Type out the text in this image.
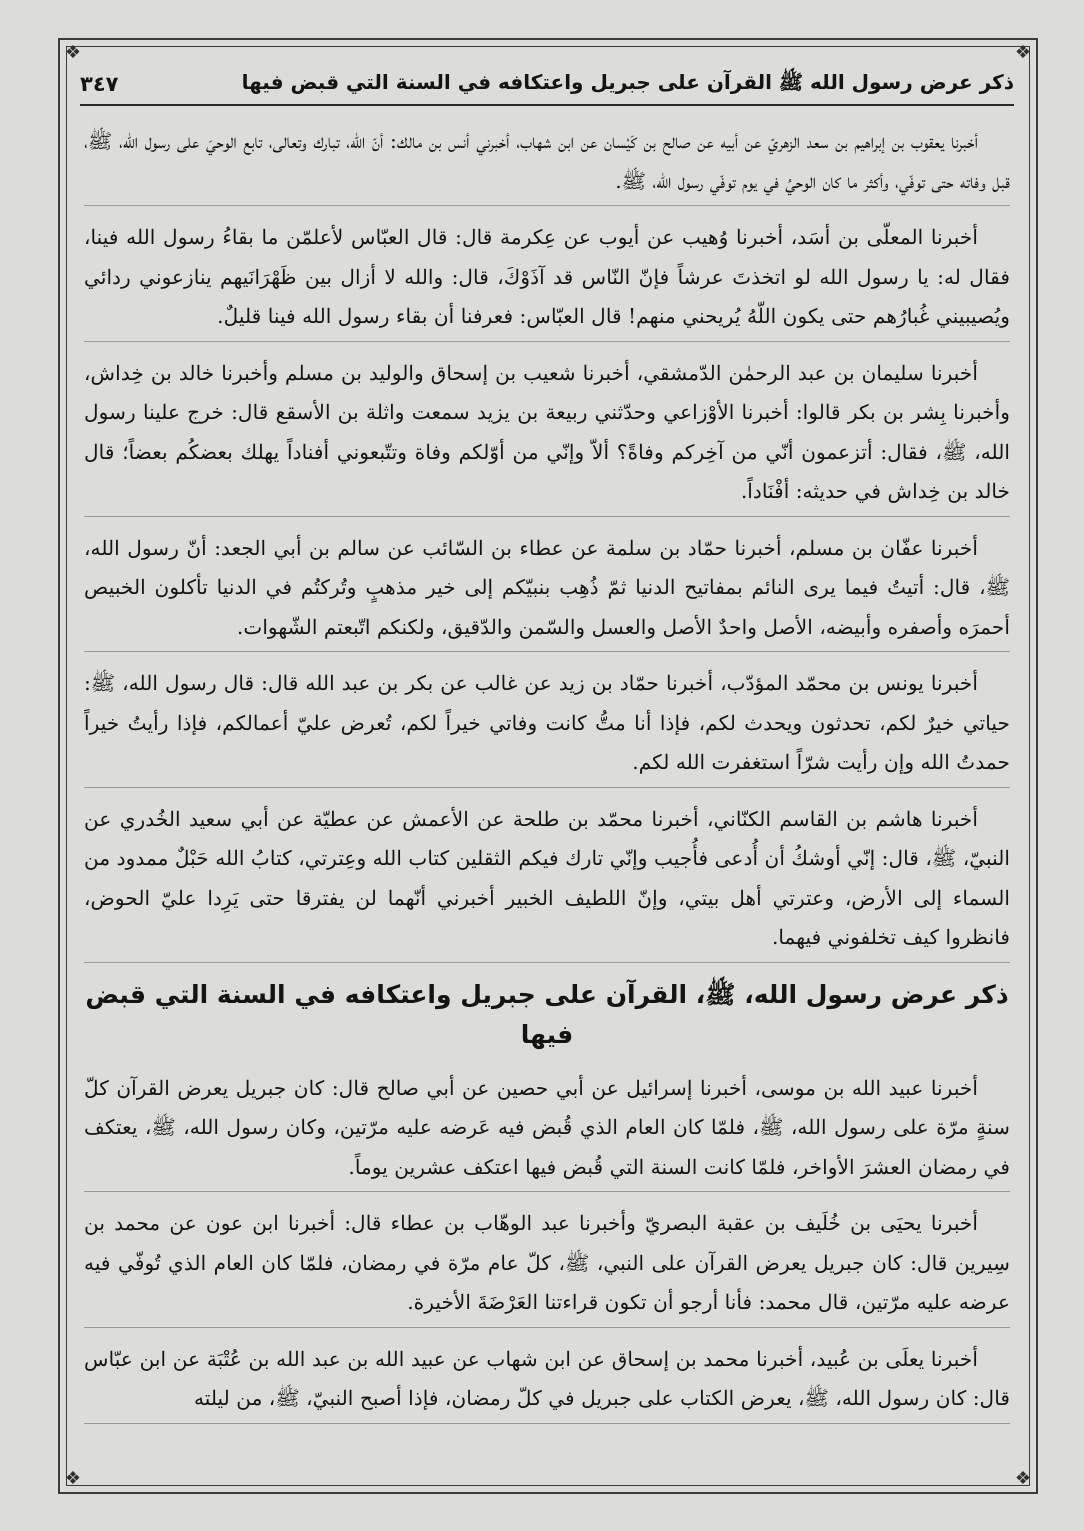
❖	❖
❖	❖
ذكر عرض رسول الله ﷺ القرآن على جبريل واعتكافه في السنة التي قبض فيها
٣٤٧

أخبرنا يعقوب بن إبراهيم بن سعد الزهريّ عن أبيه عن صالح بن كَيْسان عن ابن شهاب، أخبرني أنس بن مالك: أنّ الله، تبارك وتعالى، تابع الوحيَ على رسول الله، ﷺ، قبل وفاته حتى توفّي، وأكثر ما كان الوحيُ في يوم توفّي رسول الله، ﷺ.

أخبرنا المعلّى بن أسَد، أخبرنا وُهيب عن أيوب عن عِكرمة قال: قال العبّاس لأعلمّن ما بقاءُ رسول الله فينا، فقال له: يا رسول الله لو اتخذتَ عرشاً فإنّ النّاس قد آذَوْكَ، قال: والله لا أزال بين ظَهْرَانَيهم ينازعوني ردائي ويُصيبيني غُبارُهم حتى يكون اللّهُ يُريحني منهم! قال العبّاس: فعرفنا أن بقاء رسول الله فينا قليلٌ.

أخبرنا سليمان بن عبد الرحمٰن الدّمشقي، أخبرنا شعيب بن إسحاق والوليد بن مسلم وأخبرنا خالد بن خِداش، وأخبرنا بِشر بن بكر قالوا: أخبرنا الأوْزاعي وحدّثني ربيعة بن يزيد سمعت واثلة بن الأسقع قال: خرج علينا رسول الله، ﷺ، فقال: أتزعمون أنّي من آخِركم وفاةً؟ ألاّ وإنّي من أوّلكم وفاة وتتّبعوني أفناداً يهلك بعضكُم بعضاً؛ قال خالد بن خِداش في حديثه: أفْنَاداً.

أخبرنا عفّان بن مسلم، أخبرنا حمّاد بن سلمة عن عطاء بن السّائب عن سالم بن أبي الجعد: أنّ رسول الله، ﷺ، قال: أتيتُ فيما يرى النائم بمفاتيح الدنيا ثمّ ذُهِب بنبيّكم إلى خير مذهبٍ وتُركتُم في الدنيا تأكلون الخبيص أحمرَه وأصفره وأبيضه، الأصل واحدٌ الأصل والعسل والسّمن والدّقيق، ولكنكم اتّبعتم الشّهوات.

أخبرنا يونس بن محمّد المؤدّب، أخبرنا حمّاد بن زيد عن غالب عن بكر بن عبد الله قال: قال رسول الله، ﷺ: حياتي خيرٌ لكم، تحدثون ويحدث لكم، فإذا أنا متُّ كانت وفاتي خيراً لكم، تُعرض عليّ أعمالكم، فإذا رأيتُ خيراً حمدتُ الله وإن رأيت شرّاً استغفرت الله لكم.

أخبرنا هاشم بن القاسم الكنّاني، أخبرنا محمّد بن طلحة عن الأعمش عن عطيّة عن أبي سعيد الخُدري عن النبيّ، ﷺ، قال: إنّي أوشكُ أن أُدعى فأُجيب وإنّي تارك فيكم الثقلين كتاب الله وعِترتي، كتابُ الله حَبْلٌ ممدود من السماء إلى الأرض، وعترتي أهل بيتي، وإنّ اللطيف الخبير أخبرني أنّهما لن يفترقا حتى يَرِدا عليّ الحوض، فانظروا كيف تخلفوني فيهما.

ذكر عرض رسول الله، ﷺ، القرآن على جبريل واعتكافه في السنة التي قبض فيها

أخبرنا عبيد الله بن موسى، أخبرنا إسرائيل عن أبي حصين عن أبي صالح قال: كان جبريل يعرض القرآن كلّ سنةٍ مرّة على رسول الله، ﷺ، فلمّا كان العام الذي قُبض فيه عَرضه عليه مرّتين، وكان رسول الله، ﷺ، يعتكف في رمضان العشرَ الأواخر، فلمّا كانت السنة التي قُبض فيها اعتكف عشرين يوماً.

أخبرنا يحيَى بن خُلَيف بن عقبة البصريّ وأخبرنا عبد الوهّاب بن عطاء قال: أخبرنا ابن عون عن محمد بن سِيرين قال: كان جبريل يعرض القرآن على النبي، ﷺ، كلّ عام مرّة في رمضان، فلمّا كان العام الذي تُوفّي فيه عرضه عليه مرّتين، قال محمد: فأنا أرجو أن تكون قراءتنا العَرْضَةَ الأخيرة.

أخبرنا يعلَى بن عُبيد، أخبرنا محمد بن إسحاق عن ابن شهاب عن عبيد الله بن عبد الله بن عُتْبَة عن ابن عبّاس قال: كان رسول الله، ﷺ، يعرض الكتاب على جبريل في كلّ رمضان، فإذا أصبح النبيّ، ﷺ، من ليلته
